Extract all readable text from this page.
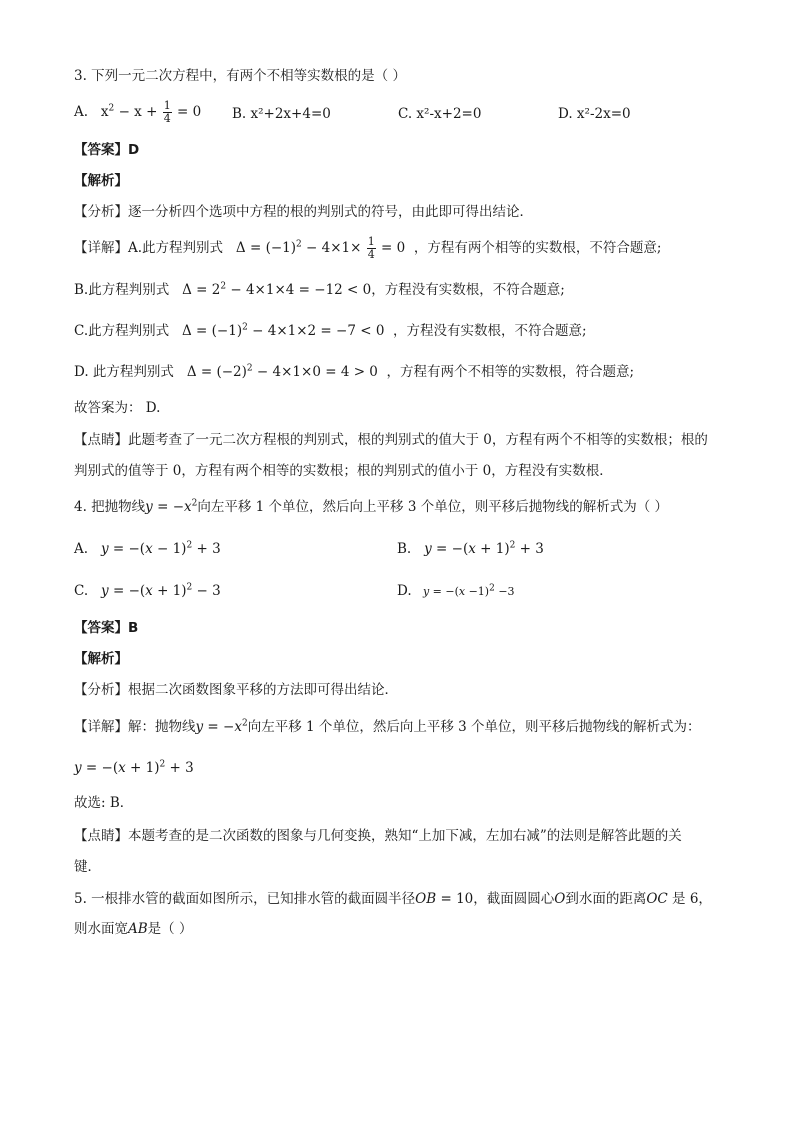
3. 下列一元二次方程中，有两个不相等实数根的是（ ）
A.   $x^2 - x + \frac{1}{4} = 0$ B. x²+2x+4=0	C. x²-x+2=0	D. x²-2x=0
【答案】D
【解析】
【分析】逐一分析四个选项中方程的根的判别式的符号，由此即可得出结论．
【详解】A.此方程判别式   $\Delta = (-1)^2 - 4\times 1\times \frac{1}{4} = 0$  ，方程有两个相等的实数根，不符合题意;
B.此方程判别式   $\Delta = 2^2 - 4\times 1\times 4 = -12 < 0$，方程没有实数根，不符合题意;
C.此方程判别式   $\Delta = (-1)^2 - 4\times 1\times 2 = -7 < 0$  ，方程没有实数根，不符合题意;
D. 此方程判别式   $\Delta = (-2)^2 - 4\times 1\times 0 = 4 > 0$  ，方程有两个不相等的实数根，符合题意;
故答案为： D.
【点睛】此题考查了一元二次方程根的判别式，根的判别式的值大于 0，方程有两个不相等的实数根；根的
判别式的值等于 0，方程有两个相等的实数根；根的判别式的值小于 0，方程没有实数根．
4. 把抛物线$y = -x^2$向左平移 1 个单位，然后向上平移 3 个单位，则平移后抛物线的解析式为（ ）
A. $y = -(x - 1)^2 + 3$	B. $y = -(x + 1)^2 + 3$
C. $y = -(x + 1)^2 - 3$	D. $y = -(x -1)^2 -3$
【答案】B
【解析】
【分析】根据二次函数图象平移的方法即可得出结论．
【详解】解：抛物线$y = -x^2$向左平移 1 个单位，然后向上平移 3 个单位，则平移后抛物线的解析式为：
$y = -(x + 1)^2 + 3$
故选: B．
【点睛】本题考查的是二次函数的图象与几何变换，熟知“上加下减，左加右减”的法则是解答此题的关
键．
5. 一根排水管的截面如图所示，已知排水管的截面圆半径OB = 10，截面圆圆心O到水面的距离OC 是 6，
则水面宽AB是（ ）
